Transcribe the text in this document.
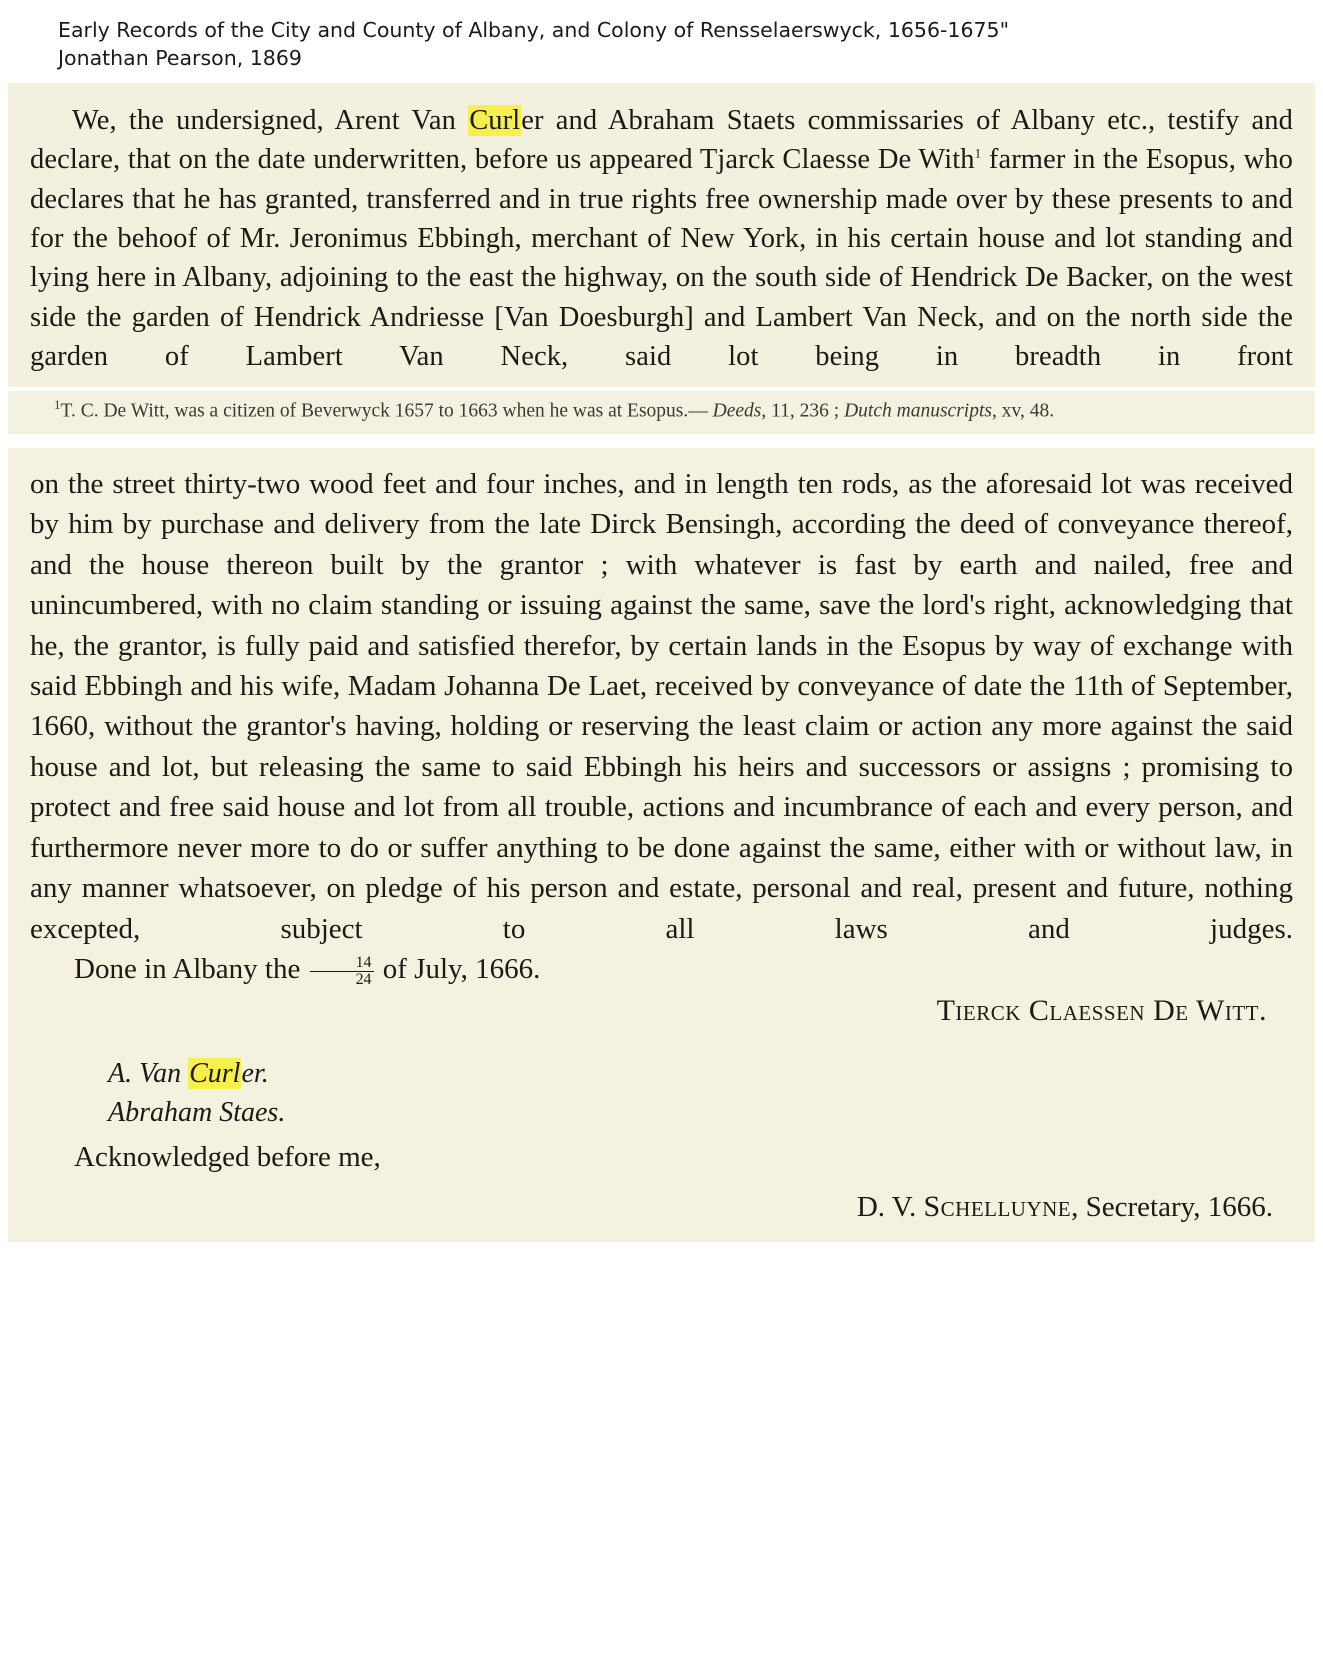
Early Records of the City and County of Albany, and Colony of Rensselaerswyck, 1656-1675"
Jonathan Pearson, 1869

We, the undersigned, Arent Van Curler and Abraham Staets commissaries of Albany etc., testify and declare, that on the date underwritten, before us appeared Tjarck Claesse De With$^1$ farmer in the Esopus, who declares that he has granted, transferred and in true rights free ownership made over by these presents to and for the behoof of Mr. Jeronimus Ebbingh, merchant of New York, in his certain house and lot standing and lying here in Albany, adjoining to the east the highway, on the south side of Hendrick De Backer, on the west side the garden of Hendrick Andriesse [Van Doesburgh] and Lambert Van Neck, and on the north side the garden of Lambert Van Neck, said lot being in breadth in front

$^1$T. C. De Witt, was a citizen of Beverwyck 1657 to 1663 when he was at Esopus.— Deeds, 11, 236 ; Dutch manuscripts, xv, 48.

on the street thirty-two wood feet and four inches, and in length ten rods, as the aforesaid lot was received by him by purchase and delivery from the late Dirck Bensingh, according the deed of conveyance thereof, and the house thereon built by the grantor ; with whatever is fast by earth and nailed, free and unincumbered, with no claim standing or issuing against the same, save the lord's right, acknowledging that he, the grantor, is fully paid and satisfied therefor, by certain lands in the Esopus by way of exchange with said Ebbingh and his wife, Madam Johanna De Laet, received by conveyance of date the 11th of September, 1660, without the grantor's having, holding or reserving the least claim or action any more against the said house and lot, but releasing the same to said Ebbingh his heirs and successors or assigns ; promising to protect and free said house and lot from all trouble, actions and incumbrance of each and every person, and furthermore never more to do or suffer anything to be done against the same, either with or without law, in any manner whatsoever, on pledge of his person and estate, personal and real, present and future, nothing excepted, subject to all laws and judges.

Done in Albany the $\frac{14}{24}$ of July, 1666.

Tierck Claessen De Witt.
A. Van Curler.
Abraham Staes.
Acknowledged before me,
D. V. Schelluyne, Secretary, 1666.
